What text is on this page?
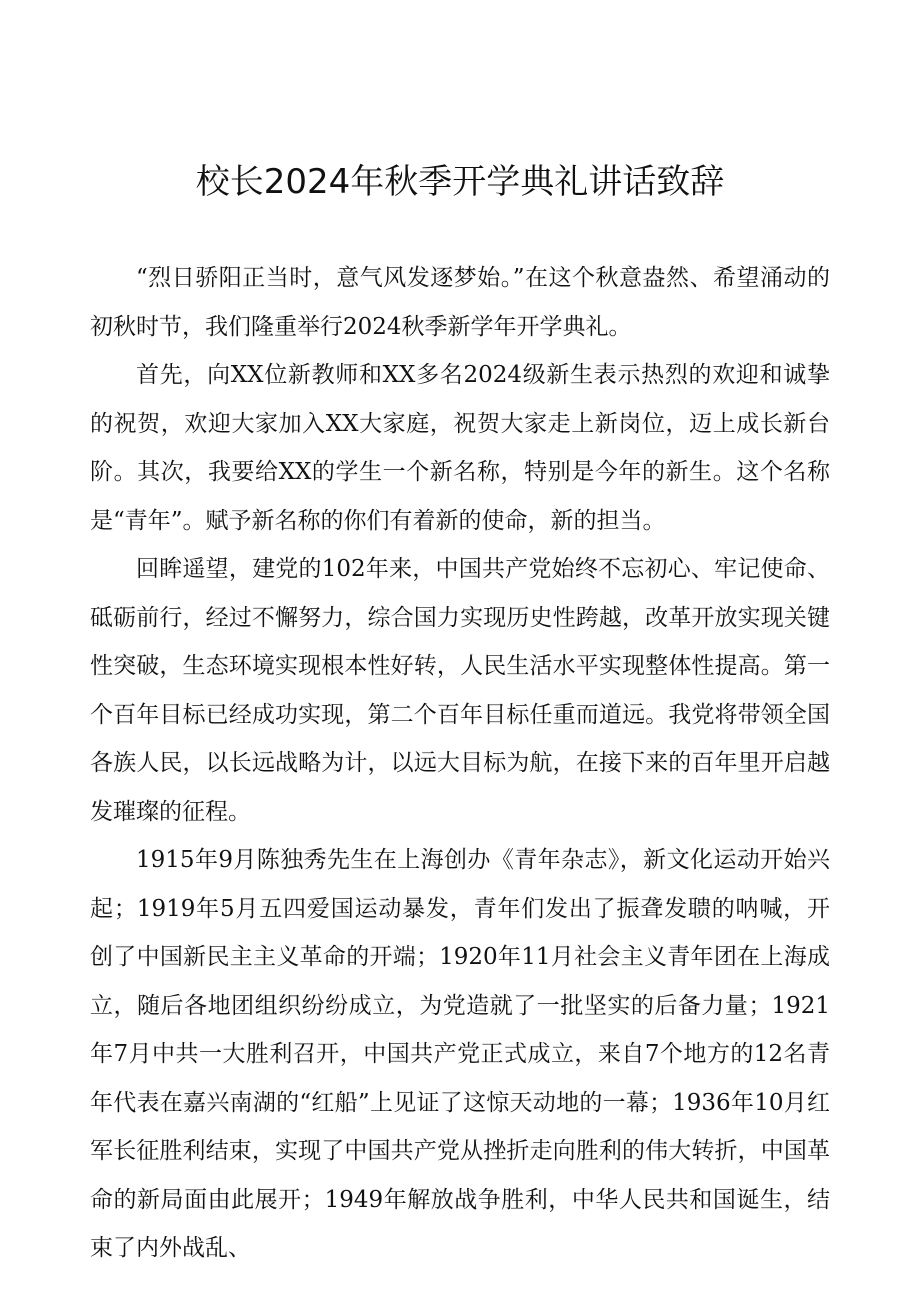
校长2024年秋季开学典礼讲话致辞

“烈日骄阳正当时，意气风发逐梦始。”在这个秋意盎然、希望涌动的初秋时节，我们隆重举行2024秋季新学年开学典礼。

首先，向XX位新教师和XX多名2024级新生表示热烈的欢迎和诚挚的祝贺，欢迎大家加入XX大家庭，祝贺大家走上新岗位，迈上成长新台阶。其次，我要给XX的学生一个新名称，特别是今年的新生。这个名称是“青年”。赋予新名称的你们有着新的使命，新的担当。

回眸遥望，建党的102年来，中国共产党始终不忘初心、牢记使命、砥砺前行，经过不懈努力，综合国力实现历史性跨越，改革开放实现关键性突破，生态环境实现根本性好转，人民生活水平实现整体性提高。第一个百年目标已经成功实现，第二个百年目标任重而道远。我党将带领全国各族人民，以长远战略为计，以远大目标为航，在接下来的百年里开启越发璀璨的征程。

1915年9月陈独秀先生在上海创办《青年杂志》，新文化运动开始兴起；1919年5月五四爱国运动暴发，青年们发出了振聋发聩的呐喊，开创了中国新民主主义革命的开端；1920年11月社会主义青年团在上海成立，随后各地团组织纷纷成立，为党造就了一批坚实的后备力量；1921年7月中共一大胜利召开，中国共产党正式成立，来自7个地方的12名青年代表在嘉兴南湖的“红船”上见证了这惊天动地的一幕；1936年10月红军长征胜利结束，实现了中国共产党从挫折走向胜利的伟大转折，中国革命的新局面由此展开；1949年解放战争胜利，中华人民共和国诞生，结束了内外战乱、
